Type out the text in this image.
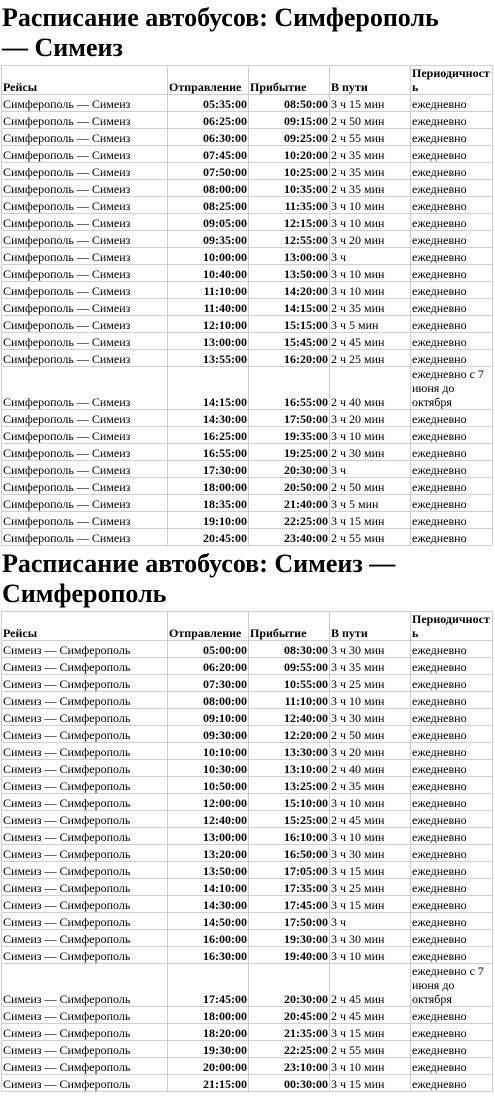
Расписание автобусов: Симферополь — Симеиз
Рейсы	Отправление	Прибытие	В пути	Периодичность
Симферополь — Симеиз	05:35:00	08:50:00	3 ч 15 мин	ежедневно
Симферополь — Симеиз	06:25:00	09:15:00	2 ч 50 мин	ежедневно
Симферополь — Симеиз	06:30:00	09:25:00	2 ч 55 мин	ежедневно
Симферополь — Симеиз	07:45:00	10:20:00	2 ч 35 мин	ежедневно
Симферополь — Симеиз	07:50:00	10:25:00	2 ч 35 мин	ежедневно
Симферополь — Симеиз	08:00:00	10:35:00	2 ч 35 мин	ежедневно
Симферополь — Симеиз	08:25:00	11:35:00	3 ч 10 мин	ежедневно
Симферополь — Симеиз	09:05:00	12:15:00	3 ч 10 мин	ежедневно
Симферополь — Симеиз	09:35:00	12:55:00	3 ч 20 мин	ежедневно
Симферополь — Симеиз	10:00:00	13:00:00	3 ч	ежедневно
Симферополь — Симеиз	10:40:00	13:50:00	3 ч 10 мин	ежедневно
Симферополь — Симеиз	11:10:00	14:20:00	3 ч 10 мин	ежедневно
Симферополь — Симеиз	11:40:00	14:15:00	2 ч 35 мин	ежедневно
Симферополь — Симеиз	12:10:00	15:15:00	3 ч 5 мин	ежедневно
Симферополь — Симеиз	13:00:00	15:45:00	2 ч 45 мин	ежедневно
Симферополь — Симеиз	13:55:00	16:20:00	2 ч 25 мин	ежедневно
Симферополь — Симеиз	14:15:00	16:55:00	2 ч 40 мин	ежедневно с 7 июня до октября
Симферополь — Симеиз	14:30:00	17:50:00	3 ч 20 мин	ежедневно
Симферополь — Симеиз	16:25:00	19:35:00	3 ч 10 мин	ежедневно
Симферополь — Симеиз	16:55:00	19:25:00	2 ч 30 мин	ежедневно
Симферополь — Симеиз	17:30:00	20:30:00	3 ч	ежедневно
Симферополь — Симеиз	18:00:00	20:50:00	2 ч 50 мин	ежедневно
Симферополь — Симеиз	18:35:00	21:40:00	3 ч 5 мин	ежедневно
Симферополь — Симеиз	19:10:00	22:25:00	3 ч 15 мин	ежедневно
Симферополь — Симеиз	20:45:00	23:40:00	2 ч 55 мин	ежедневно
Расписание автобусов: Симеиз — Симферополь
Рейсы	Отправление	Прибытие	В пути	Периодичность
Симеиз — Симферополь	05:00:00	08:30:00	3 ч 30 мин	ежедневно
Симеиз — Симферополь	06:20:00	09:55:00	3 ч 35 мин	ежедневно
Симеиз — Симферополь	07:30:00	10:55:00	3 ч 25 мин	ежедневно
Симеиз — Симферополь	08:00:00	11:10:00	3 ч 10 мин	ежедневно
Симеиз — Симферополь	09:10:00	12:40:00	3 ч 30 мин	ежедневно
Симеиз — Симферополь	09:30:00	12:20:00	2 ч 50 мин	ежедневно
Симеиз — Симферополь	10:10:00	13:30:00	3 ч 20 мин	ежедневно
Симеиз — Симферополь	10:30:00	13:10:00	2 ч 40 мин	ежедневно
Симеиз — Симферополь	10:50:00	13:25:00	2 ч 35 мин	ежедневно
Симеиз — Симферополь	12:00:00	15:10:00	3 ч 10 мин	ежедневно
Симеиз — Симферополь	12:40:00	15:25:00	2 ч 45 мин	ежедневно
Симеиз — Симферополь	13:00:00	16:10:00	3 ч 10 мин	ежедневно
Симеиз — Симферополь	13:20:00	16:50:00	3 ч 30 мин	ежедневно
Симеиз — Симферополь	13:50:00	17:05:00	3 ч 15 мин	ежедневно
Симеиз — Симферополь	14:10:00	17:35:00	3 ч 25 мин	ежедневно
Симеиз — Симферополь	14:30:00	17:45:00	3 ч 15 мин	ежедневно
Симеиз — Симферополь	14:50:00	17:50:00	3 ч	ежедневно
Симеиз — Симферополь	16:00:00	19:30:00	3 ч 30 мин	ежедневно
Симеиз — Симферополь	16:30:00	19:40:00	3 ч 10 мин	ежедневно
Симеиз — Симферополь	17:45:00	20:30:00	2 ч 45 мин	ежедневно с 7 июня до октября
Симеиз — Симферополь	18:00:00	20:45:00	2 ч 45 мин	ежедневно
Симеиз — Симферополь	18:20:00	21:35:00	3 ч 15 мин	ежедневно
Симеиз — Симферополь	19:30:00	22:25:00	2 ч 55 мин	ежедневно
Симеиз — Симферополь	20:00:00	23:10:00	3 ч 10 мин	ежедневно
Симеиз — Симферополь	21:15:00	00:30:00	3 ч 15 мин	ежедневно
